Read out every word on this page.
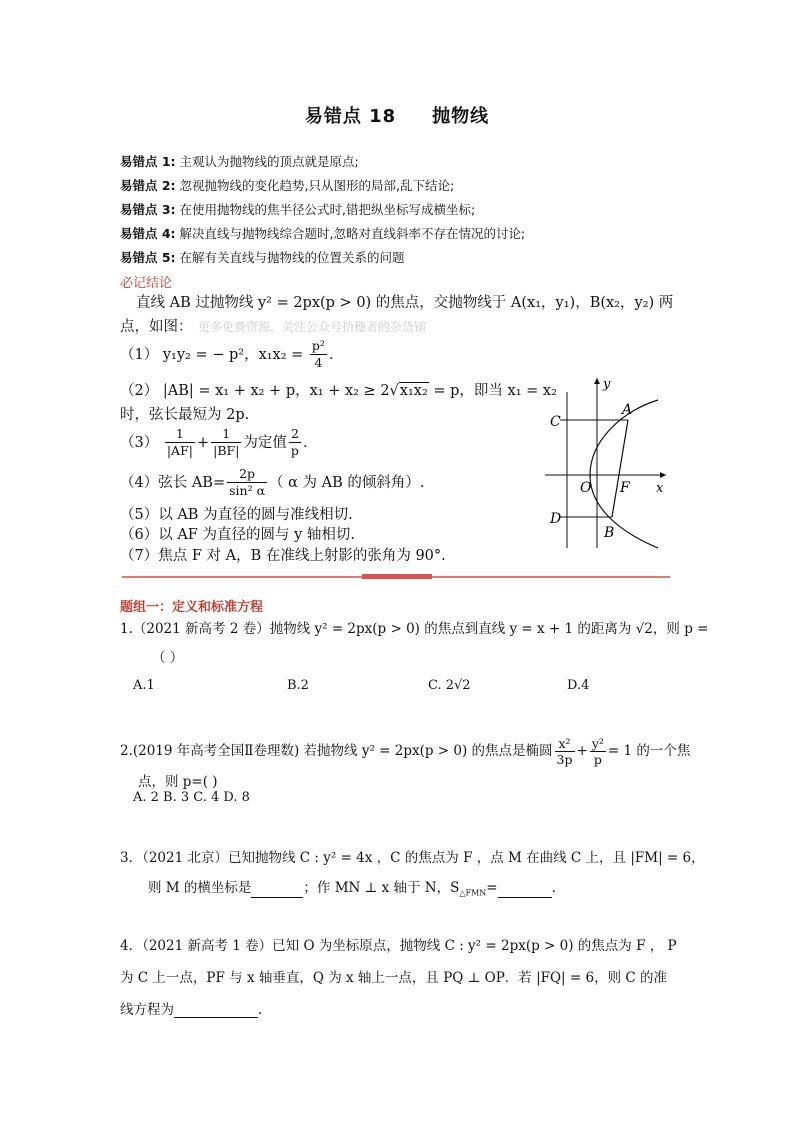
易错点 18 抛物线
易错点 1: 主观认为抛物线的顶点就是原点;
易错点 2: 忽视抛物线的变化趋势,只从图形的局部,乱下结论;
易错点 3: 在使用抛物线的焦半径公式时,错把纵坐标写成横坐标;
易错点 4: 解决直线与抛物线综合题时,忽略对直线斜率不存在情况的讨论;
易错点 5: 在解有关直线与抛物线的位置关系的问题
必记结论
直线 AB 过抛物线 y² = 2px(p > 0) 的焦点，交抛物线于 A(x₁，y₁)，B(x₂，y₂) 两
点，如图： 更多免费资源，关注公众号拾穗者的杂货铺
（1） y₁y₂ = − p²，$x_1x_2 = \frac{\text{p²}}{4}$ .
（2） |AB| = x₁ + x₂ + p，x₁ + x₂ ≥ 2√x₁x₂ = p，即当 x₁ = x₂
时，弦长最短为 2p.
$(3) \frac{1}{|AF|} + \frac{1}{|BF|}$ 为定值 $\frac{2}{p}$ .
（4）弦长 $AB= \frac{2p}{\text{sin² α}}$ （ α 为 AB 的倾斜角）.
（5）以 AB 为直径的圆与准线相切.
（6）以 AF 为直径的圆与 y 轴相切.
（7）焦点 F 对 A，B 在准线上射影的张角为 90°.
y
x
C
A
O F
D
B
题组一：定义和标准方程
1.（2021 新高考 2 卷）抛物线 y² = 2px(p > 0) 的焦点到直线 y = x + 1 的距离为 √2，则 p =
（ ）
A.1	B.2	C. 2√2	D.4
2.(2019 年高考全国Ⅱ卷理数) 若抛物线 y² = 2px(p > 0) 的焦点是椭圆 $\frac{\text{x²}}{3p} + \frac{\text{y²}}{p} = 1$ 的一个焦
点，则 p=( )
A. 2 B. 3 C. 4 D. 8
3．（2021 北京）已知抛物线 C : y² = 4x ，C 的焦点为 F ，点 M 在曲线 C 上，且 |FM| = 6，
则 M 的横坐标是	；作 MN ⊥ x 轴于 N，$S_{\triangle FMN}=$	.
4．（2021 新高考 1 卷）已知 O 为坐标原点，抛物线 C : y² = 2px(p > 0) 的焦点为 F ， P
为 C 上一点，PF 与 x 轴垂直，Q 为 x 轴上一点，且 PQ ⊥ OP．若 |FQ| = 6，则 C 的准
线方程为	.
